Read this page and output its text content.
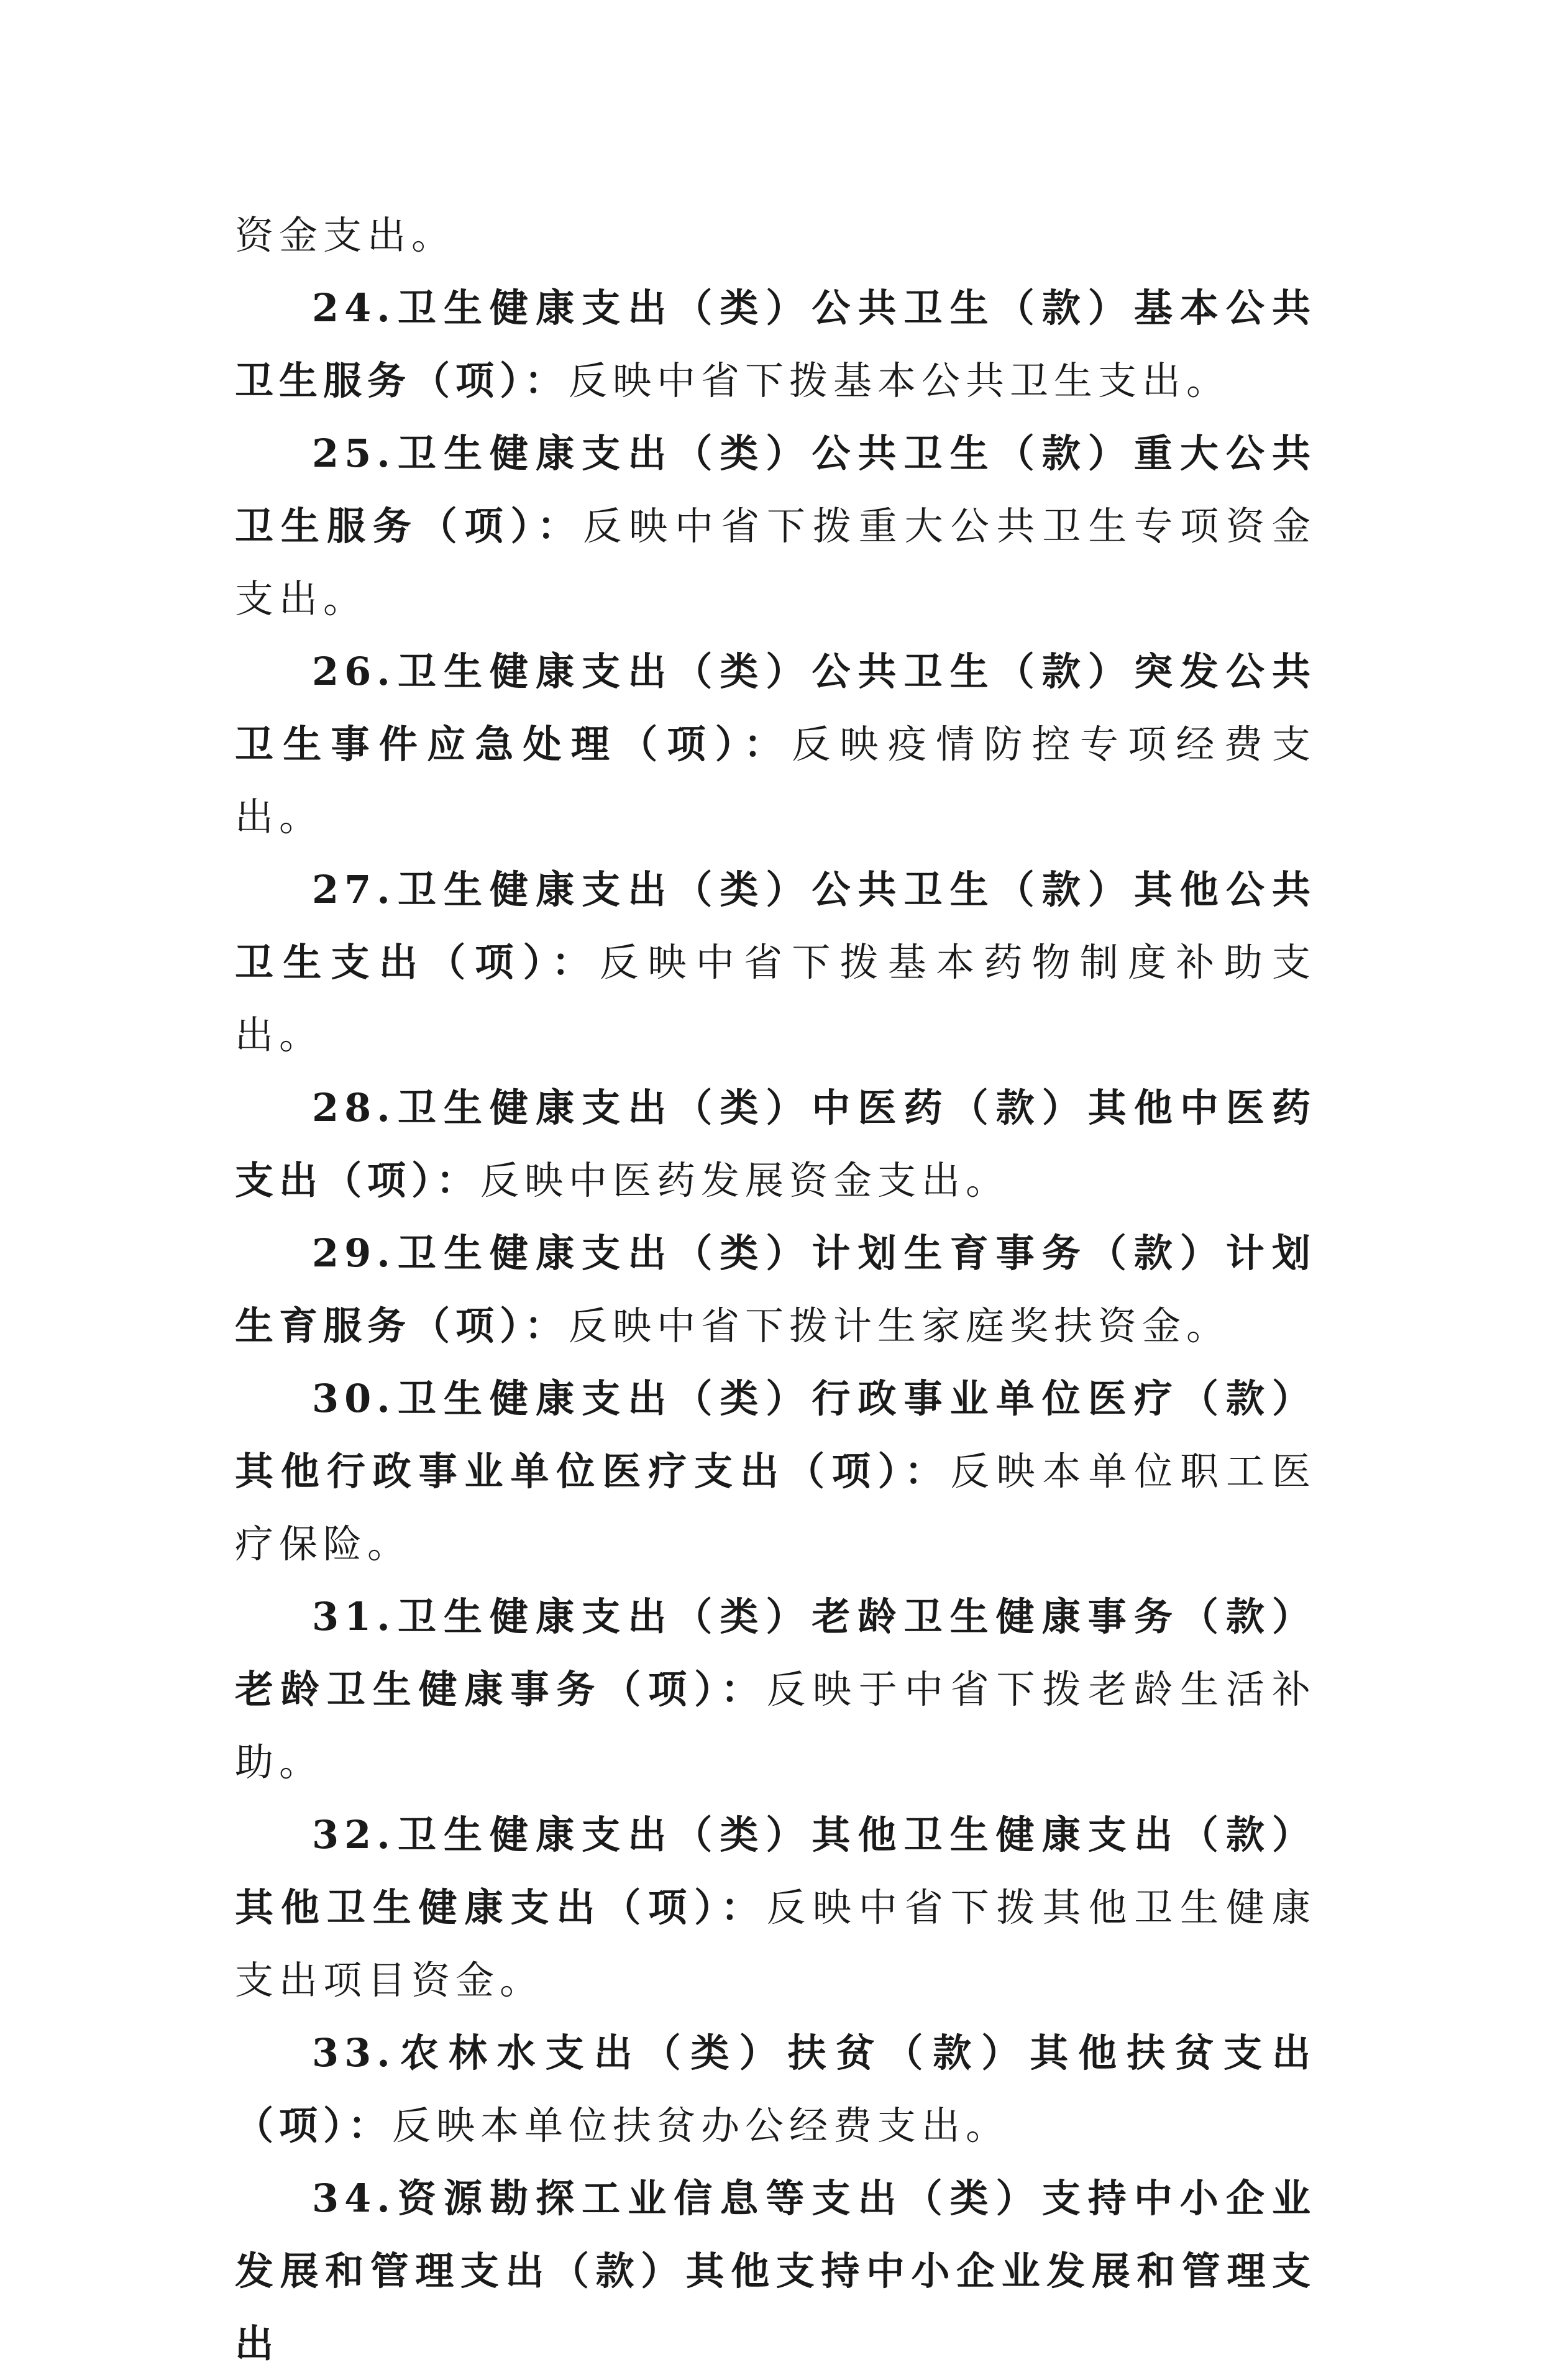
资金支出。

24.卫生健康支出（类）公共卫生（款）基本公共卫生服务（项）：反映中省下拨基本公共卫生支出。

25.卫生健康支出（类）公共卫生（款）重大公共卫生服务（项）：反映中省下拨重大公共卫生专项资金支出。

26.卫生健康支出（类）公共卫生（款）突发公共卫生事件应急处理（项）：反映疫情防控专项经费支出。

27.卫生健康支出（类）公共卫生（款）其他公共卫生支出（项）：反映中省下拨基本药物制度补助支出。

28.卫生健康支出（类）中医药（款）其他中医药支出（项）：反映中医药发展资金支出。

29.卫生健康支出（类）计划生育事务（款）计划生育服务（项）：反映中省下拨计生家庭奖扶资金。

30.卫生健康支出（类）行政事业单位医疗（款）其他行政事业单位医疗支出（项）：反映本单位职工医疗保险。

31.卫生健康支出（类）老龄卫生健康事务（款）老龄卫生健康事务（项）：反映于中省下拨老龄生活补助。

32.卫生健康支出（类）其他卫生健康支出（款）其他卫生健康支出（项）：反映中省下拨其他卫生健康支出项目资金。

33.农林水支出（类）扶贫（款）其他扶贫支出（项）：反映本单位扶贫办公经费支出。

34.资源勘探工业信息等支出（类）支持中小企业发展和管理支出（款）其他支持中小企业发展和管理支出
